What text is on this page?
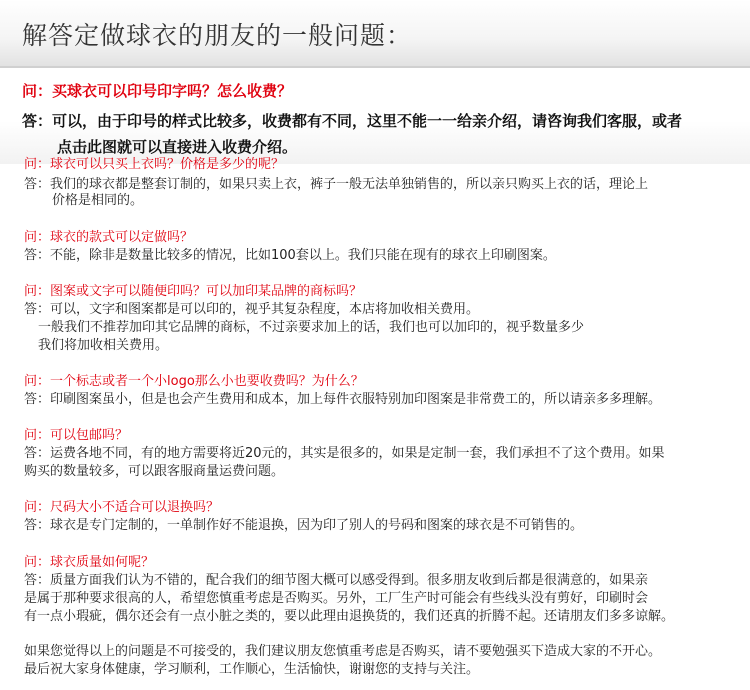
解答定做球衣的朋友的一般问题：
问：买球衣可以印号印字吗？怎么收费？
答：可以，由于印号的样式比较多，收费都有不同，这里不能一一给亲介绍，请咨询我们客服，或者
点击此图就可以直接进入收费介绍。
问：球衣可以只买上衣吗？价格是多少的呢？
答：我们的球衣都是整套订制的，如果只卖上衣，裤子一般无法单独销售的，所以亲只购买上衣的话，理论上
价格是相同的。
问：球衣的款式可以定做吗？
答：不能，除非是数量比较多的情况，比如100套以上。我们只能在现有的球衣上印刷图案。
问：图案或文字可以随便印吗？可以加印某品牌的商标吗？
答：可以，文字和图案都是可以印的，视乎其复杂程度，本店将加收相关费用。
一般我们不推荐加印其它品牌的商标，不过亲要求加上的话，我们也可以加印的，视乎数量多少
我们将加收相关费用。
问：一个标志或者一个小logo那么小也要收费吗？为什么？
答：印刷图案虽小，但是也会产生费用和成本，加上每件衣服特别加印图案是非常费工的，所以请亲多多理解。
问：可以包邮吗？
答：运费各地不同，有的地方需要将近20元的，其实是很多的，如果是定制一套，我们承担不了这个费用。如果
购买的数量较多，可以跟客服商量运费问题。
问：尺码大小不适合可以退换吗？
答：球衣是专门定制的，一单制作好不能退换，因为印了别人的号码和图案的球衣是不可销售的。
问：球衣质量如何呢？
答：质量方面我们认为不错的，配合我们的细节图大概可以感受得到。很多朋友收到后都是很满意的，如果亲
是属于那种要求很高的人，希望您慎重考虑是否购买。另外，工厂生产时可能会有些线头没有剪好，印刷时会
有一点小瑕疵，偶尔还会有一点小脏之类的，要以此理由退换货的，我们还真的折腾不起。还请朋友们多多谅解。
如果您觉得以上的问题是不可接受的，我们建议朋友您慎重考虑是否购买，请不要勉强买下造成大家的不开心。
最后祝大家身体健康，学习顺利，工作顺心，生活愉快，谢谢您的支持与关注。
